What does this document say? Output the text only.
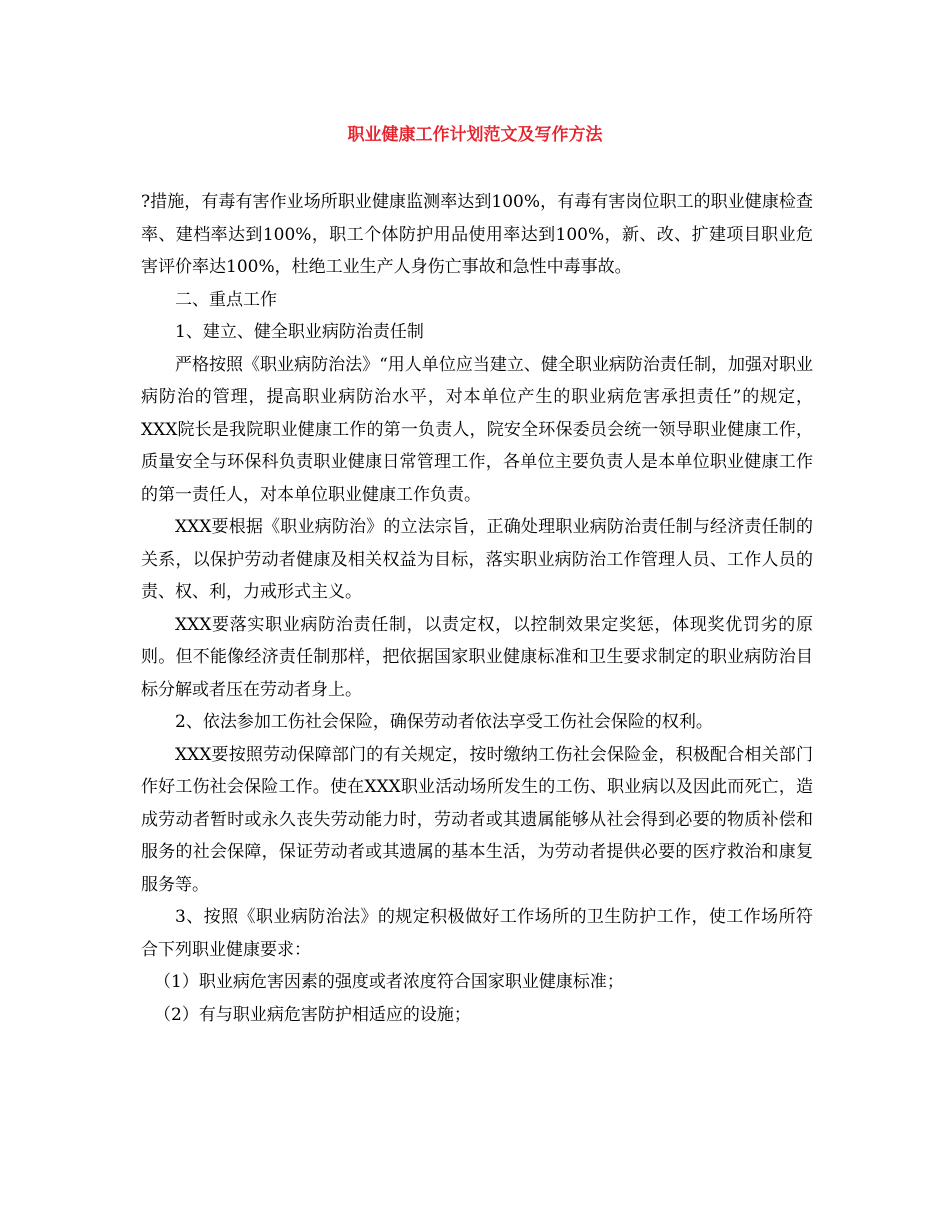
职业健康工作计划范文及写作方法

?措施，有毒有害作业场所职业健康监测率达到100%，有毒有害岗位职工的职业健康检查率、建档率达到100%，职工个体防护用品使用率达到100%，新、改、扩建项目职业危害评价率达100%，杜绝工业生产人身伤亡事故和急性中毒事故。

二、重点工作

1、建立、健全职业病防治责任制

严格按照《职业病防治法》“用人单位应当建立、健全职业病防治责任制，加强对职业病防治的管理，提高职业病防治水平，对本单位产生的职业病危害承担责任”的规定，XXX院长是我院职业健康工作的第一负责人，院安全环保委员会统一领导职业健康工作，质量安全与环保科负责职业健康日常管理工作，各单位主要负责人是本单位职业健康工作的第一责任人，对本单位职业健康工作负责。

XXX要根据《职业病防治》的立法宗旨，正确处理职业病防治责任制与经济责任制的关系，以保护劳动者健康及相关权益为目标，落实职业病防治工作管理人员、工作人员的责、权、利，力戒形式主义。

XXX要落实职业病防治责任制，以责定权，以控制效果定奖惩，体现奖优罚劣的原则。但不能像经济责任制那样，把依据国家职业健康标准和卫生要求制定的职业病防治目标分解或者压在劳动者身上。

2、依法参加工伤社会保险，确保劳动者依法享受工伤社会保险的权利。

XXX要按照劳动保障部门的有关规定，按时缴纳工伤社会保险金，积极配合相关部门作好工伤社会保险工作。使在XXX职业活动场所发生的工伤、职业病以及因此而死亡，造成劳动者暂时或永久丧失劳动能力时，劳动者或其遗属能够从社会得到必要的物质补偿和服务的社会保障，保证劳动者或其遗属的基本生活，为劳动者提供必要的医疗救治和康复服务等。

3、按照《职业病防治法》的规定积极做好工作场所的卫生防护工作，使工作场所符合下列职业健康要求：

（1）职业病危害因素的强度或者浓度符合国家职业健康标准；

（2）有与职业病危害防护相适应的设施；
